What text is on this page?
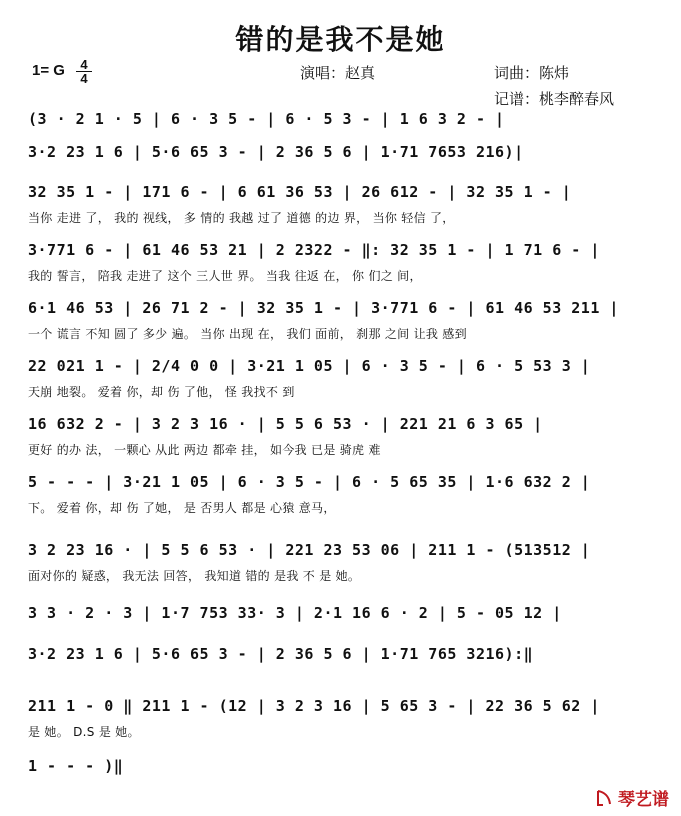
错的是我不是她
1= G	4
4	演唱：赵真	词曲：陈炜
记谱：桃李醉春风
(3 · 2 1 · 5 | 6 · 3 5 - | 6 · 5 3 - | 1 6 3 2 - |
3·2 23 1 6 | 5·6 65 3 - | 2 36 5 6 | 1·71 7653 216)|
32 35 1 - | 171 6 - | 6 61 36 53 | 26 612 - | 32 35 1 - |
当你 走进 了， 我的 视线， 多 情的 我越 过了 道德 的边 界， 当你 轻信 了，
3·771 6 - | 61 46 53 21 | 2 2322 - ‖: 32 35 1 - | 1 71 6 - |
我的 誓言， 陪我 走进了 这个 三人世 界。 当我 往返 在， 你 们之 间，
6·1 46 53 | 26 71 2 - | 32 35 1 - | 3·771 6 - | 61 46 53 211 |
一个 谎言 不知 圆了 多少 遍。 当你 出现 在， 我们 面前， 刹那 之间 让我 感到
22 021 1 - | 2/4 0 0 | 3·21 1 05 | 6 · 3 5 - | 6 · 5 53 3 |
天崩 地裂。 爱着 你，却 伤 了他， 怪 我找不 到
16 632 2 - | 3 2 3 16 · | 5 5 6 53 · | 221 21 6 3 65 |
更好 的办 法， 一颗心 从此 两边 都牵 挂， 如今我 已是 骑虎 难
5 - - - | 3·21 1 05 | 6 · 3 5 - | 6 · 5 65 35 | 1·6 632 2 |
下。 爱着 你，却 伤 了她， 是 否男人 都是 心猿 意马，
3 2 23 16 · | 5 5 6 53 · | 221 23 53 06 | 211 1 - (513512 |
面对你的 疑惑， 我无法 回答， 我知道 错的 是我 不 是 她。
3 3 · 2 · 3 | 1·7 753 33· 3 | 2·1 16 6 · 2 | 5 - 05 12 |
3·2 23 1 6 | 5·6 65 3 - | 2 36 5 6 | 1·71 765 3216):‖
211 1 - 0 ‖ 211 1 - (12 | 3 2 3 16 | 5 65 3 - | 22 36 5 62 |
是 她。 D.S 是 她。
1 - - - )‖
琴艺谱
